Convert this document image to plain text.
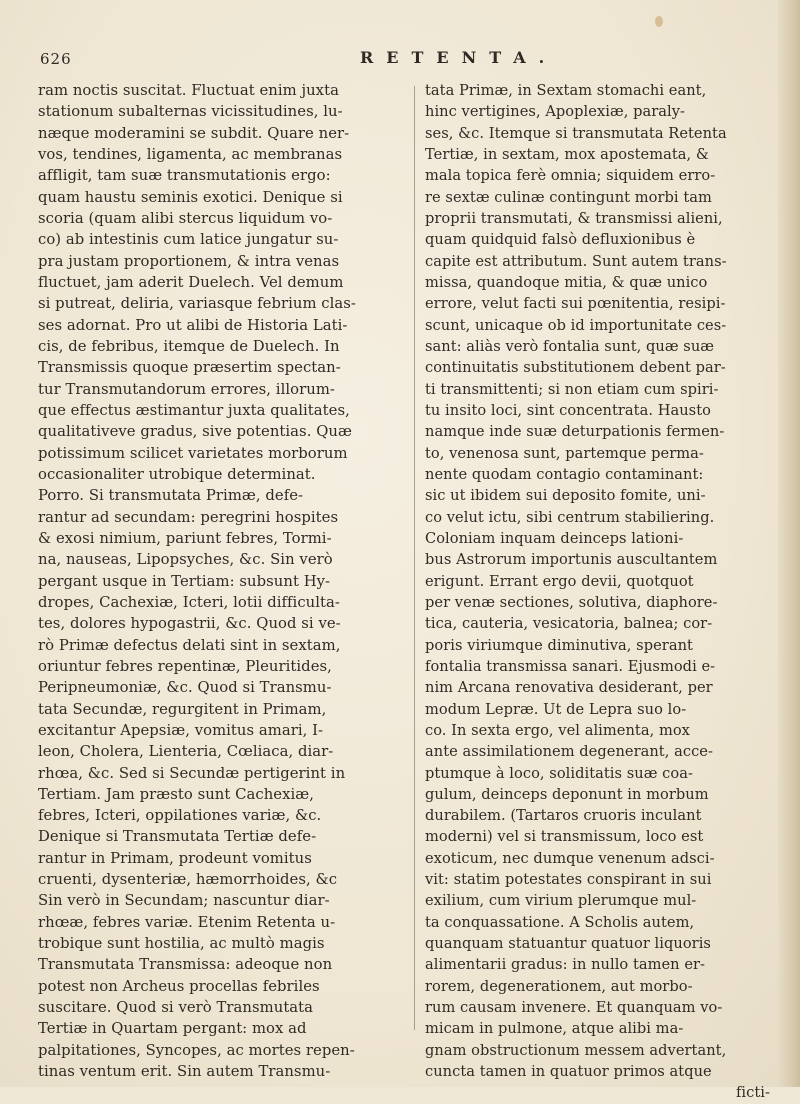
626	RETENTA.
ram noctis suscitat. Fluctuat enim juxta
stationum subalternas vicissitudines, lu-
næque moderamini se subdit. Quare ner-
vos, tendines, ligamenta, ac membranas
affligit, tam suæ transmutationis ergo:
quam haustu seminis exotici. Denique si
scoria (quam alibi stercus liquidum vo-
co) ab intestinis cum latice jungatur su-
pra justam proportionem, & intra venas
fluctuet, jam aderit Duelech. Vel demum
si putreat, deliria, variasque febrium clas-
ses adornat. Pro ut alibi de Historia Lati-
cis, de febribus, itemque de Duelech. In
Transmissis quoque præsertim spectan-
tur Transmutandorum errores, illorum-
que effectus æstimantur juxta qualitates,
qualitativeve gradus, sive potentias. Quæ
potissimum scilicet varietates morborum
occasionaliter utrobique determinat.
Porro. Si transmutata Primæ, defe-
rantur ad secundam: peregrini hospites
& exosi nimium, pariunt febres, Tormi-
na, nauseas, Lipopsyches, &c. Sin verò
pergant usque in Tertiam: subsunt Hy-
dropes, Cachexiæ, Icteri, lotii difficulta-
tes, dolores hypogastrii, &c. Quod si ve-
rò Primæ defectus delati sint in sextam,
oriuntur febres repentinæ, Pleuritides,
Peripneumoniæ, &c. Quod si Transmu-
tata Secundæ, regurgitent in Primam,
excitantur Apepsiæ, vomitus amari, I-
leon, Cholera, Lienteria, Cœliaca, diar-
rhœa, &c. Sed si Secundæ pertigerint in
Tertiam. Jam præsto sunt Cachexiæ,
febres, Icteri, oppilationes variæ, &c.
Denique si Transmutata Tertiæ defe-
rantur in Primam, prodeunt vomitus
cruenti, dysenteriæ, hæmorrhoides, &c
Sin verò in Secundam; nascuntur diar-
rhœæ, febres variæ. Etenim Retenta u-
trobique sunt hostilia, ac multò magis
Transmutata Transmissa: adeoque non
potest non Archeus procellas febriles
suscitare. Quod si verò Transmutata
Tertiæ in Quartam pergant: mox ad
palpitationes, Syncopes, ac mortes repen-
tinas ventum erit. Sin autem Transmu-
tata Primæ, in Sextam stomachi eant,
hinc vertigines, Apoplexiæ, paraly-
ses, &c. Itemque si transmutata Retenta
Tertiæ, in sextam, mox apostemata, &
mala topica ferè omnia; siquidem erro-
re sextæ culinæ contingunt morbi tam
proprii transmutati, & transmissi alieni,
quam quidquid falsò defluxionibus è
capite est attributum. Sunt autem trans-
missa, quandoque mitia, & quæ unico
errore, velut facti sui pœnitentia, resipi-
scunt, unicaque ob id importunitate ces-
sant: aliàs verò fontalia sunt, quæ suæ
continuitatis substitutionem debent par-
ti transmittenti; si non etiam cum spiri-
tu insito loci, sint concentrata. Hausto
namque inde suæ deturpationis fermen-
to, venenosa sunt, partemque perma-
nente quodam contagio contaminant:
sic ut ibidem sui deposito fomite, uni-
co velut ictu, sibi centrum stabiliering.
Coloniam inquam deinceps lationi-
bus Astrorum importunis auscultantem
erigunt. Errant ergo devii, quotquot
per venæ sectiones, solutiva, diaphore-
tica, cauteria, vesicatoria, balnea; cor-
poris viriumque diminutiva, sperant
fontalia transmissa sanari. Ejusmodi e-
nim Arcana renovativa desiderant, per
modum Lepræ. Ut de Lepra suo lo-
co. In sexta ergo, vel alimenta, mox
ante assimilationem degenerant, acce-
ptumque à loco, soliditatis suæ coa-
gulum, deinceps deponunt in morbum
durabilem. (Tartaros cruoris inculant
moderni) vel si transmissum, loco est
exoticum, nec dumque venenum adsci-
vit: statim potestates conspirant in sui
exilium, cum virium plerumque mul-
ta conquassatione. A Scholis autem,
quanquam statuantur quatuor liquoris
alimentarii gradus: in nullo tamen er-
rorem, degenerationem, aut morbo-
rum causam invenere. Et quanquam vo-
micam in pulmone, atque alibi ma-
gnam obstructionum messem advertant,
cuncta tamen in quatuor primos atque
ficti-
